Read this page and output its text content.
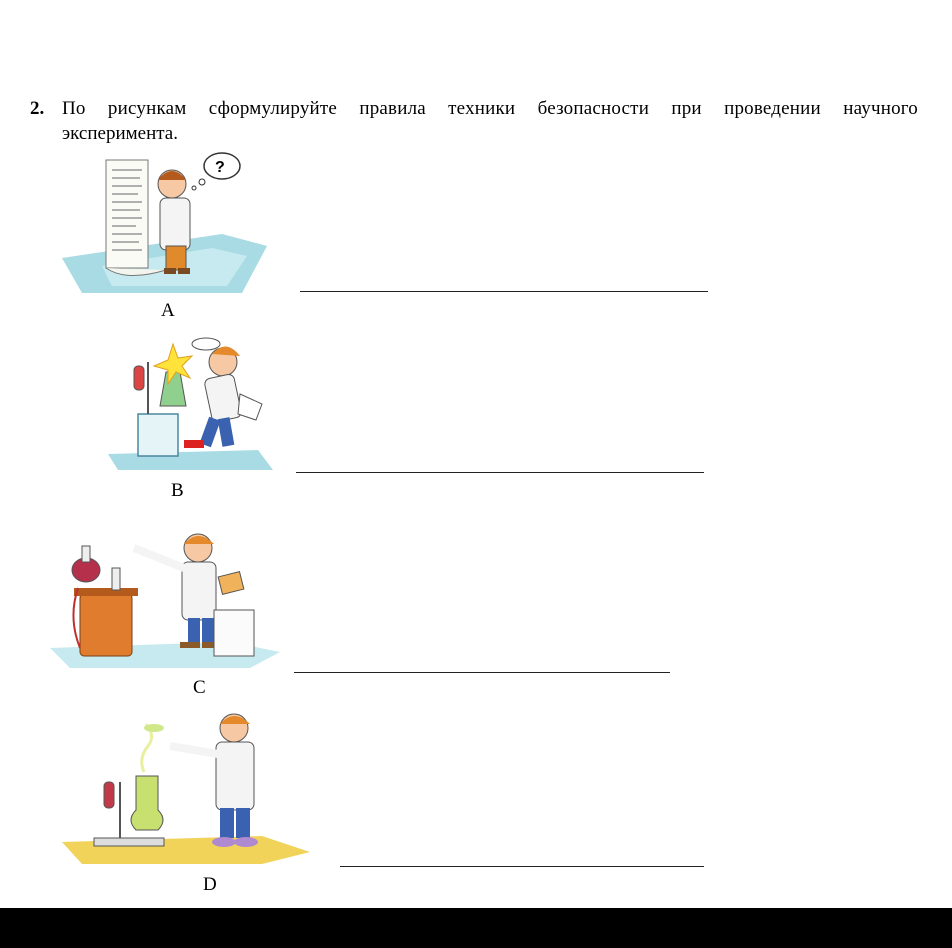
2. По рисункам сформулируйте правила техники безопасности при проведении научного
эксперимента.
?
A
B
C
D
